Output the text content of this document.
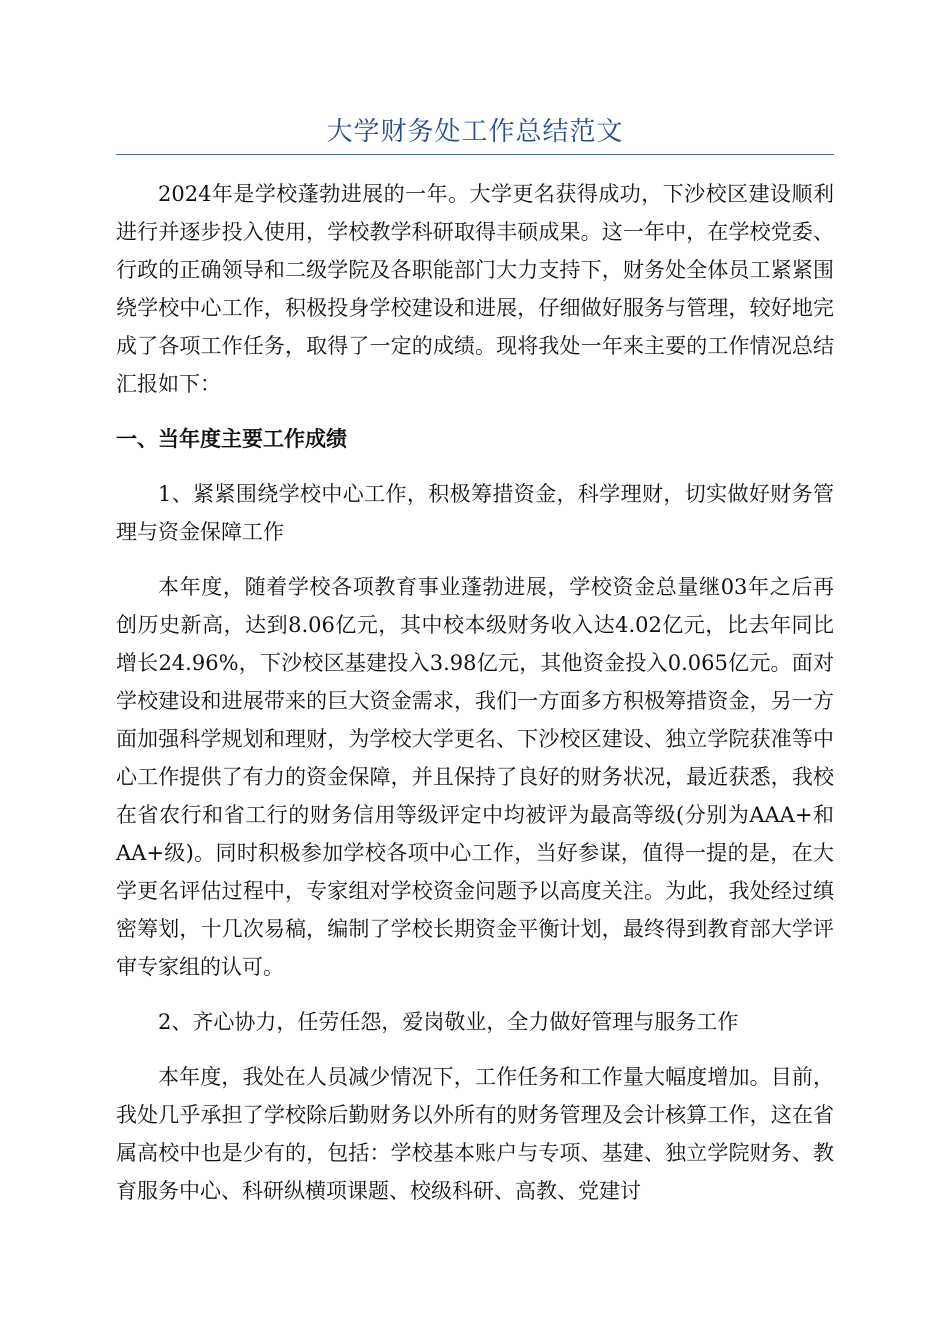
大学财务处工作总结范文

2024年是学校蓬勃进展的一年。大学更名获得成功，下沙校区建设顺利进行并逐步投入使用，学校教学科研取得丰硕成果。这一年中，在学校党委、行政的正确领导和二级学院及各职能部门大力支持下，财务处全体员工紧紧围绕学校中心工作，积极投身学校建设和进展，仔细做好服务与管理，较好地完成了各项工作任务，取得了一定的成绩。现将我处一年来主要的工作情况总结汇报如下：

一、当年度主要工作成绩

1、紧紧围绕学校中心工作，积极筹措资金，科学理财，切实做好财务管理与资金保障工作

本年度，随着学校各项教育事业蓬勃进展，学校资金总量继03年之后再创历史新高，达到8.06亿元，其中校本级财务收入达4.02亿元，比去年同比增长24.96%，下沙校区基建投入3.98亿元，其他资金投入0.065亿元。面对学校建设和进展带来的巨大资金需求，我们一方面多方积极筹措资金，另一方面加强科学规划和理财，为学校大学更名、下沙校区建设、独立学院获准等中心工作提供了有力的资金保障，并且保持了良好的财务状况，最近获悉，我校在省农行和省工行的财务信用等级评定中均被评为最高等级(分别为AAA+和AA+级)。同时积极参加学校各项中心工作，当好参谋，值得一提的是，在大学更名评估过程中，专家组对学校资金问题予以高度关注。为此，我处经过缜密筹划，十几次易稿，编制了学校长期资金平衡计划，最终得到教育部大学评审专家组的认可。

2、齐心协力，任劳任怨，爱岗敬业，全力做好管理与服务工作

本年度，我处在人员减少情况下，工作任务和工作量大幅度增加。目前，我处几乎承担了学校除后勤财务以外所有的财务管理及会计核算工作，这在省属高校中也是少有的，包括：学校基本账户与专项、基建、独立学院财务、教育服务中心、科研纵横项课题、校级科研、高教、党建讨
